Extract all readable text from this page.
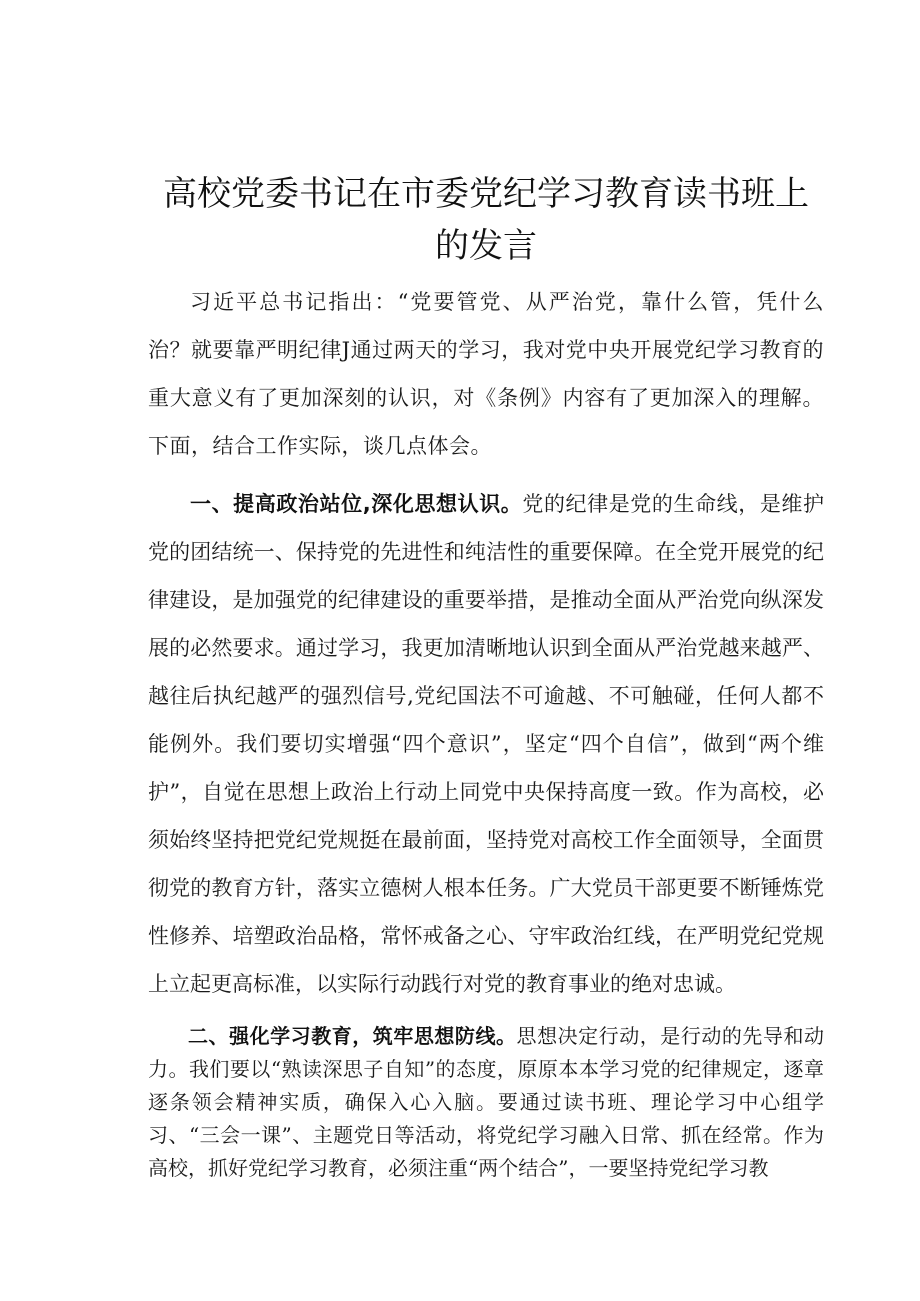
高校党委书记在市委党纪学习教育读书班上的发言

习近平总书记指出：“党要管党、从严治党，靠什么管，凭什么治？就要靠严明纪律J通过两天的学习，我对党中央开展党纪学习教育的重大意义有了更加深刻的认识，对《条例》内容有了更加深入的理解。下面，结合工作实际，谈几点体会。

一、提高政治站位,深化思想认识。党的纪律是党的生命线，是维护党的团结统一、保持党的先进性和纯洁性的重要保障。在全党开展党的纪律建设，是加强党的纪律建设的重要举措，是推动全面从严治党向纵深发展的必然要求。通过学习，我更加清晰地认识到全面从严治党越来越严、越往后执纪越严的强烈信号,党纪国法不可逾越、不可触碰，任何人都不能例外。我们要切实增强“四个意识”，坚定“四个自信”，做到“两个维护”，自觉在思想上政治上行动上同党中央保持高度一致。作为高校，必须始终坚持把党纪党规挺在最前面，坚持党对高校工作全面领导，全面贯彻党的教育方针，落实立德树人根本任务。广大党员干部更要不断锤炼党性修养、培塑政治品格，常怀戒备之心、守牢政治红线，在严明党纪党规上立起更高标准，以实际行动践行对党的教育事业的绝对忠诚。

二、强化学习教育，筑牢思想防线。思想决定行动，是行动的先导和动力。我们要以“熟读深思子自知”的态度，原原本本学习党的纪律规定，逐章逐条领会精神实质，确保入心入脑。要通过读书班、理论学习中心组学习、“三会一课”、主题党日等活动，将党纪学习融入日常、抓在经常。作为高校，抓好党纪学习教育，必须注重“两个结合”，一要坚持党纪学习教
